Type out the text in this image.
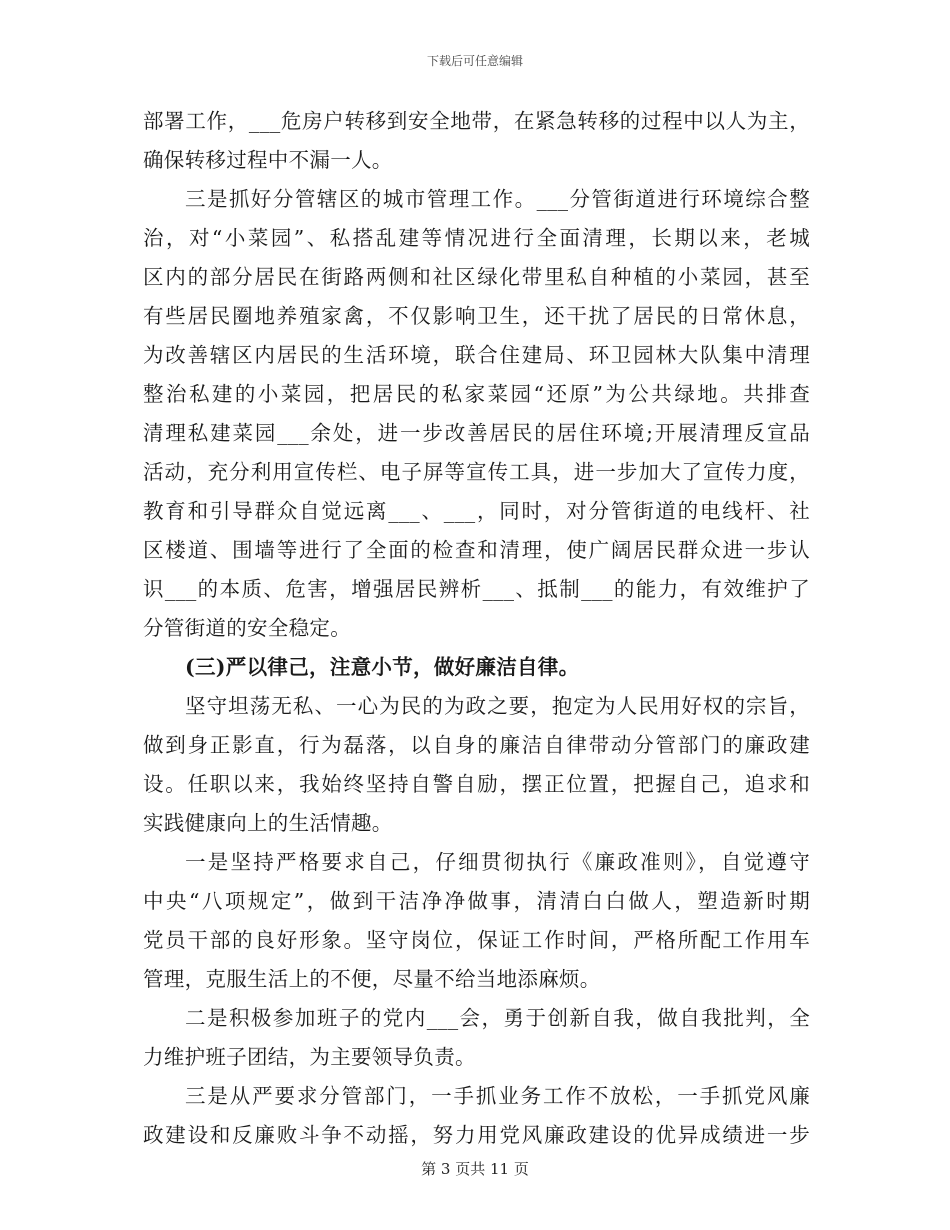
下载后可任意编辑
部署工作，___危房户转移到安全地带，在紧急转移的过程中以人为主，
确保转移过程中不漏一人。
三是抓好分管辖区的城市管理工作。___分管街道进行环境综合整
治，对“小菜园”、私搭乱建等情况进行全面清理，长期以来，老城
区内的部分居民在街路两侧和社区绿化带里私自种植的小菜园，甚至
有些居民圈地养殖家禽，不仅影响卫生，还干扰了居民的日常休息，
为改善辖区内居民的生活环境，联合住建局、环卫园林大队集中清理
整治私建的小菜园，把居民的私家菜园“还原”为公共绿地。共排查
清理私建菜园___余处，进一步改善居民的居住环境;开展清理反宣品
活动，充分利用宣传栏、电子屏等宣传工具，进一步加大了宣传力度，
教育和引导群众自觉远离___、___，同时，对分管街道的电线杆、社
区楼道、围墙等进行了全面的检查和清理，使广阔居民群众进一步认
识___的本质、危害，增强居民辨析___、抵制___的能力，有效维护了
分管街道的安全稳定。
(三)严以律己，注意小节，做好廉洁自律。
坚守坦荡无私、一心为民的为政之要，抱定为人民用好权的宗旨，
做到身正影直，行为磊落，以自身的廉洁自律带动分管部门的廉政建
设。任职以来，我始终坚持自警自励，摆正位置，把握自己，追求和
实践健康向上的生活情趣。
一是坚持严格要求自己，仔细贯彻执行《廉政准则》，自觉遵守
中央“八项规定”，做到干洁净净做事，清清白白做人，塑造新时期
党员干部的良好形象。坚守岗位，保证工作时间，严格所配工作用车
管理，克服生活上的不便，尽量不给当地添麻烦。
二是积极参加班子的党内___会，勇于创新自我，做自我批判，全
力维护班子团结，为主要领导负责。
三是从严要求分管部门，一手抓业务工作不放松，一手抓党风廉
政建设和反廉败斗争不动摇，努力用党风廉政建设的优异成绩进一步
第 3 页共 11 页
